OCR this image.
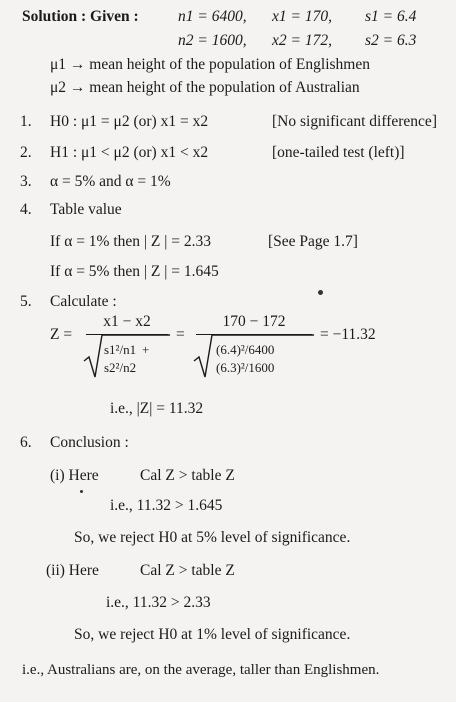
Solution : Given :	n1 = 6400, x1 = 170, s1 = 6.4
n2 = 1600, x2 = 172, s2 = 6.3
μ1 → mean height of the population of Englishmen
μ2 → mean height of the population of Australian
1. H0 : μ1 = μ2 (or) x1 = x2	[No significant difference]
2. H1 : μ1 < μ2 (or) x1 < x2	[one-tailed test (left)]
3. α = 5% and α = 1%
4. Table value
If α = 1% then | Z | = 2.33	[See Page 1.7]
If α = 5% then | Z | = 1.645
5. Calculate :
Z =
x1 − x2
s1²/n1 +
s2²/n2
=
170 − 172
(6.4)²/6400
(6.3)²/1600
= −11.32
i.e., |Z| = 11.32
6. Conclusion :
(i) Here	Cal Z > table Z
i.e., 11.32 > 1.645
So, we reject H0 at 5% level of significance.
(ii) Here	Cal Z > table Z
i.e., 11.32 > 2.33
So, we reject H0 at 1% level of significance.
i.e., Australians are, on the average, taller than Englishmen.
